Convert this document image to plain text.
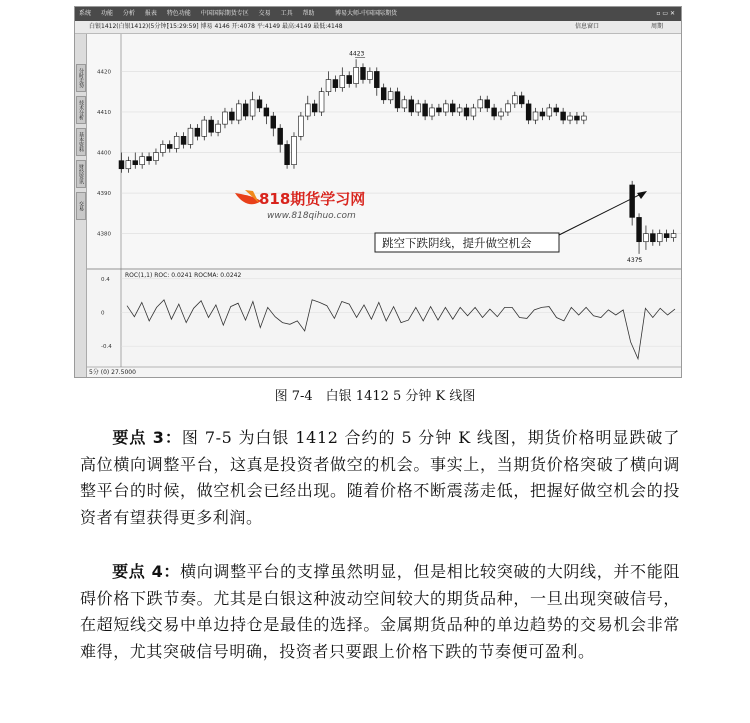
系统 功能 分析 报表 特色功能 中国国际期货专区 交易 工具 帮助	博易大师-中国国际期货	▫ ▭ ✕
白银1412(白银1412)(5分钟)
[15:29:59] 博易 4146 开:4078 平:4149 最高:4149 最低:4148	信息窗口	周期
分时走势
技术分析
基本资料
财经资讯
交易
4420
4410
4400
4390
4380
ROC(1,1) ROC: 0.0241 ROCMA: 0.0242
0.4
0
-0.4
5分 (0) 27.5000
4423
4375
818期货学习网
www.818qihuo.com
跳空下跌阴线，提升做空机会
图 7-4　白银 1412 5 分钟 K 线图
要点 3：图 7-5 为白银 1412 合约的 5 分钟 K 线图，期货价格明显跌破了高位横向调整平台，这真是投资者做空的机会。事实上，当期货价格突破了横向调整平台的时候，做空机会已经出现。随着价格不断震荡走低，把握好做空机会的投资者有望获得更多利润。
要点 4：横向调整平台的支撑虽然明显，但是相比较突破的大阴线，并不能阻碍价格下跌节奏。尤其是白银这种波动空间较大的期货品种，一旦出现突破信号，在超短线交易中单边持仓是最佳的选择。金属期货品种的单边趋势的交易机会非常难得，尤其突破信号明确，投资者只要跟上价格下跌的节奏便可盈利。
